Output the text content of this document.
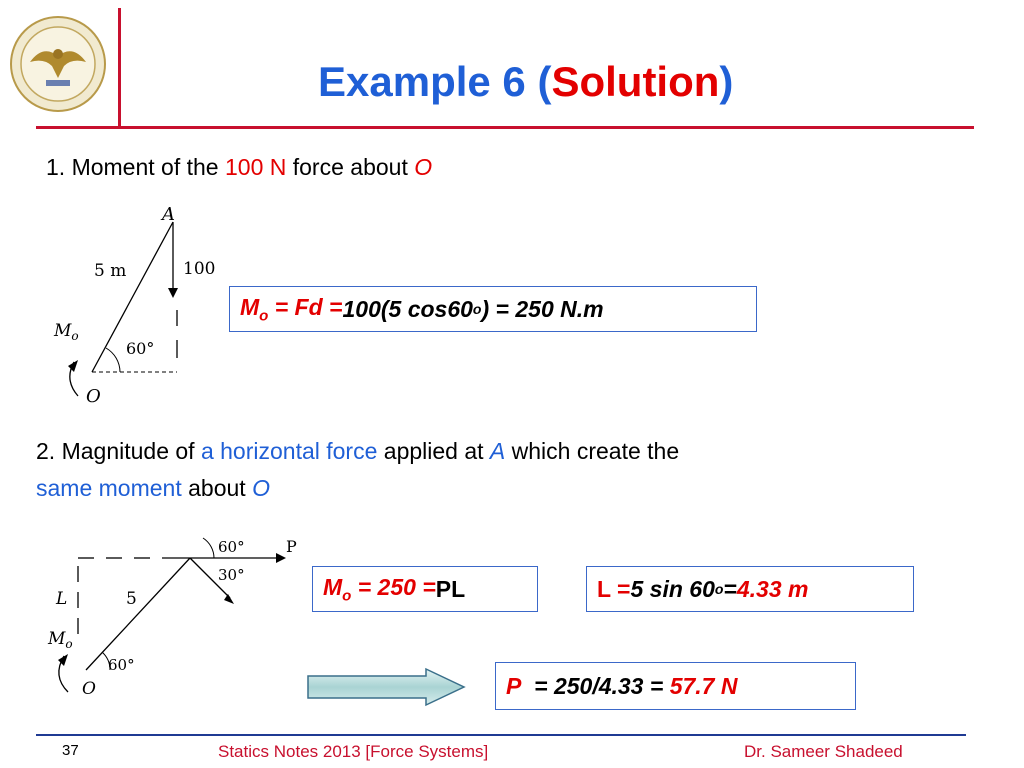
Example 6 (Solution)
1. Moment of the 100 N force about O
A
5 m	100
$M_o$
60°
O
$M_o = Fd = 100(5$ cos60 o ) = 250 N.m
2. Magnitude of a horizontal force applied at A which create the
same moment about O
60°
30°
P
L	5
$M_o$
60°
O
$M_o = 250$ = PL	L = 5 sin 60 o = 4.33 m
P = 250/4.33 = 57.7 N
37	Statics Notes 2013 [Force Systems]	Dr. Sameer Shadeed
